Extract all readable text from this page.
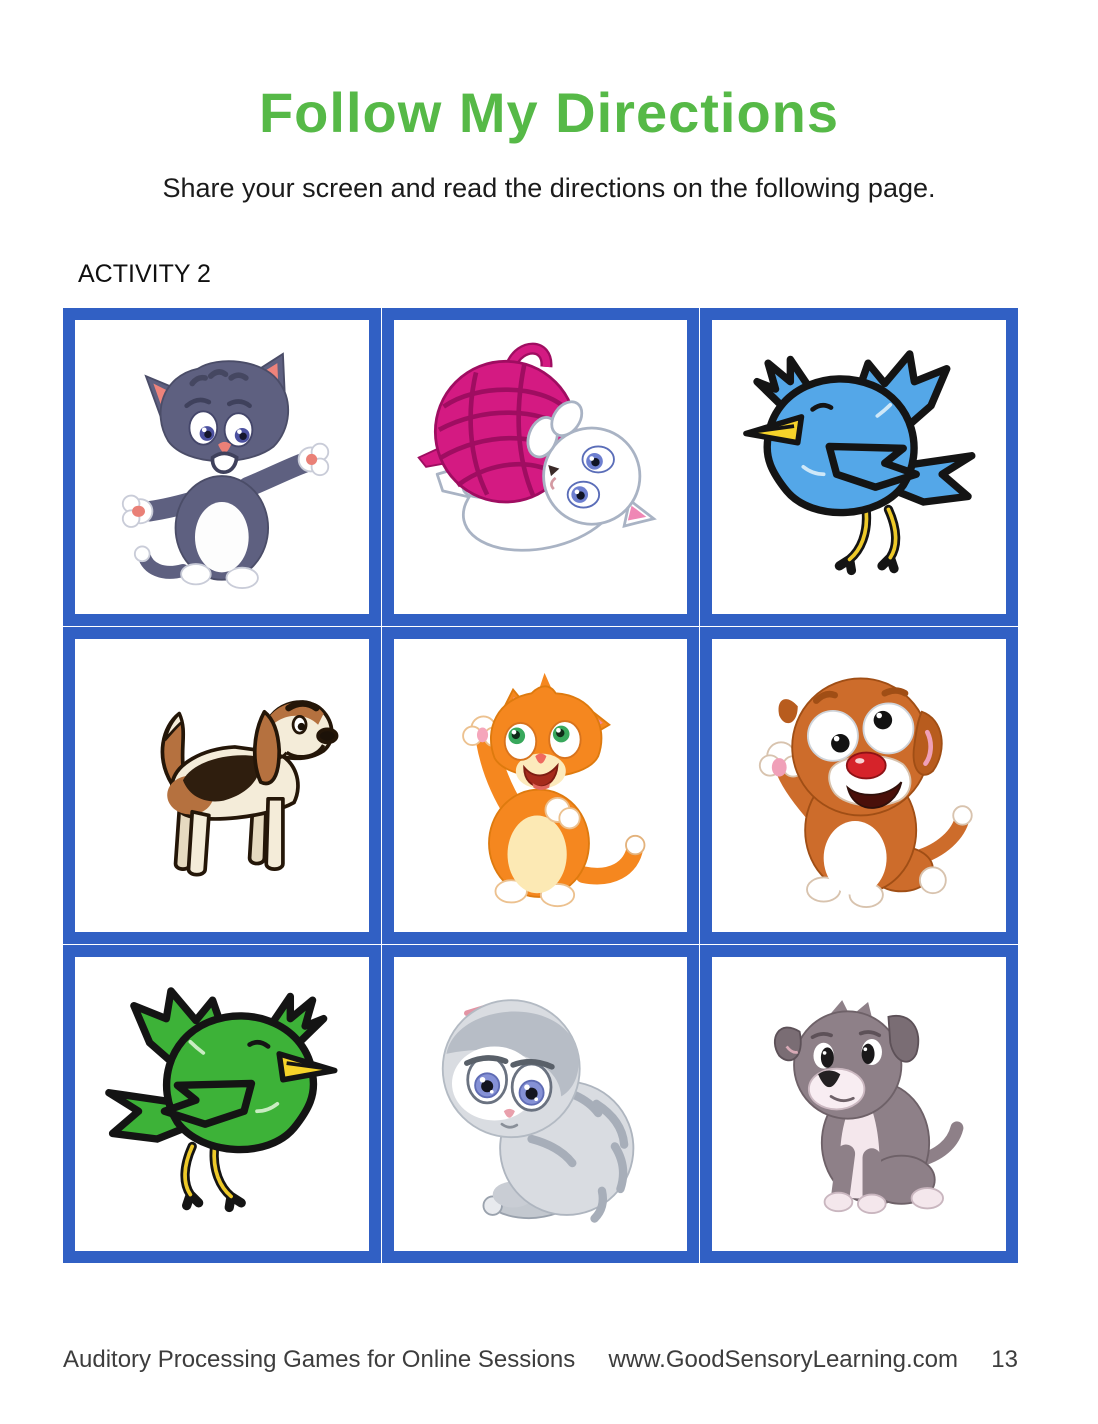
Follow My Directions
Share your screen and read the directions on the following page.
ACTIVITY 2
Auditory Processing Games for Online Sessions www.GoodSensoryLearning.com 13
